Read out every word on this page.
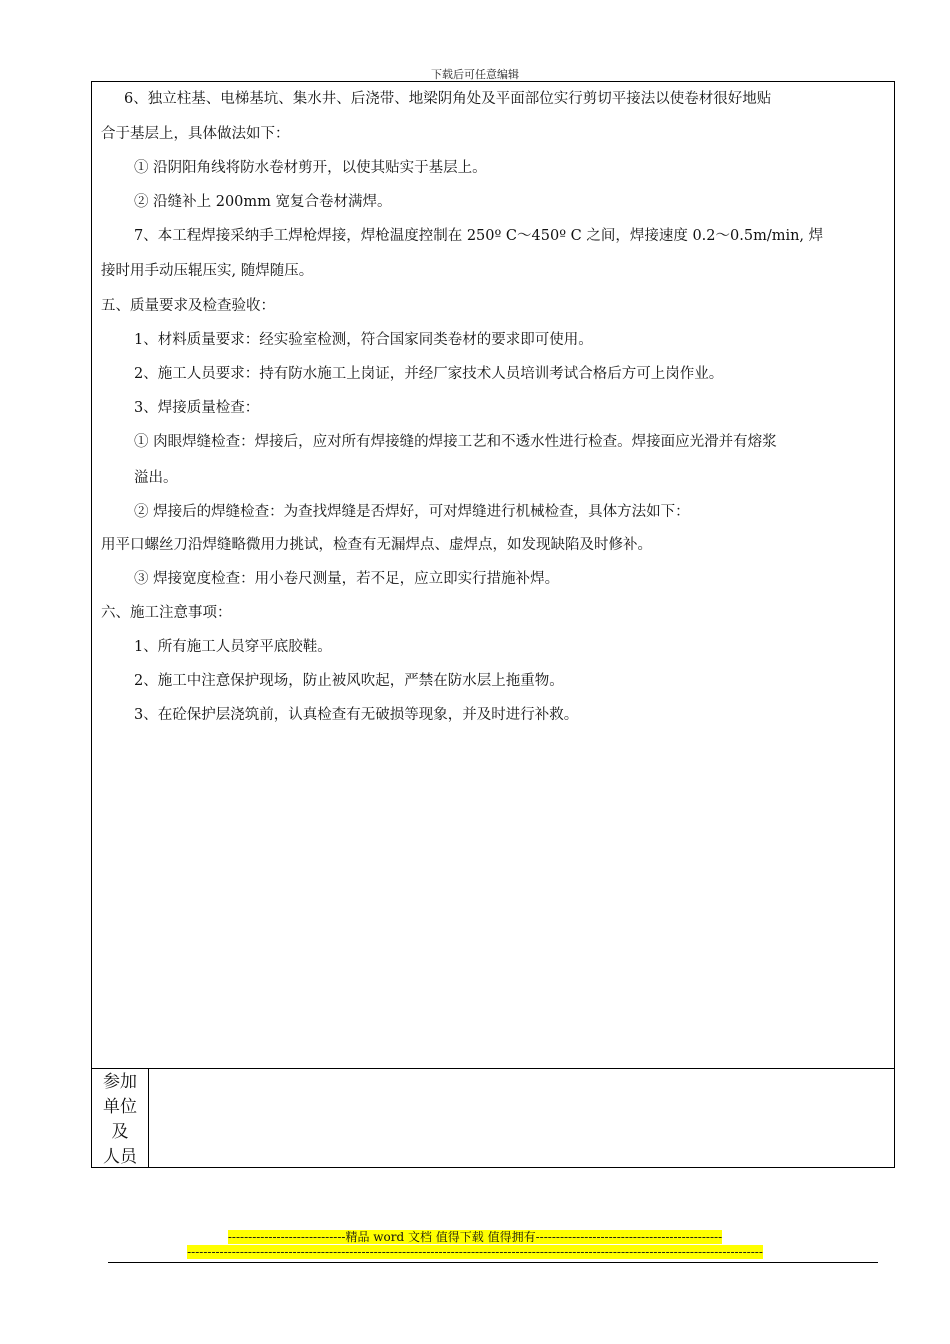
下载后可任意编辑
6、独立柱基、电梯基坑、集水井、后浇带、地梁阴角处及平面部位实行剪切平接法以使卷材很好地贴
合于基层上，具体做法如下：
① 沿阴阳角线将防水卷材剪开，以使其贴实于基层上。
② 沿缝补上 200mm 宽复合卷材满焊。
7、本工程焊接采纳手工焊枪焊接，焊枪温度控制在 250º C～450º C 之间，焊接速度 0.2～0.5m/min, 焊
接时用手动压辊压实, 随焊随压。
五、质量要求及检查验收：
1、材料质量要求：经实验室检测，符合国家同类卷材的要求即可使用。
2、施工人员要求：持有防水施工上岗证，并经厂家技术人员培训考试合格后方可上岗作业。
3、焊接质量检查：
① 肉眼焊缝检查：焊接后，应对所有焊接缝的焊接工艺和不透水性进行检查。焊接面应光滑并有熔浆
溢出。
② 焊接后的焊缝检查：为查找焊缝是否焊好，可对焊缝进行机械检查，具体方法如下：
用平口螺丝刀沿焊缝略微用力挑试，检查有无漏焊点、虚焊点，如发现缺陷及时修补。
③ 焊接宽度检查：用小卷尺测量，若不足，应立即实行措施补焊。
六、施工注意事项：
1、所有施工人员穿平底胶鞋。
2、施工中注意保护现场，防止被风吹起，严禁在防水层上拖重物。
3、在砼保护层浇筑前，认真检查有无破损等现象，并及时进行补救。
参加
单位
及
人员
-----------------------------精品 word 文档 值得下载 值得拥有----------------------------------------------
----------------------------------------------------------------------------------------------------------------------------------------------
